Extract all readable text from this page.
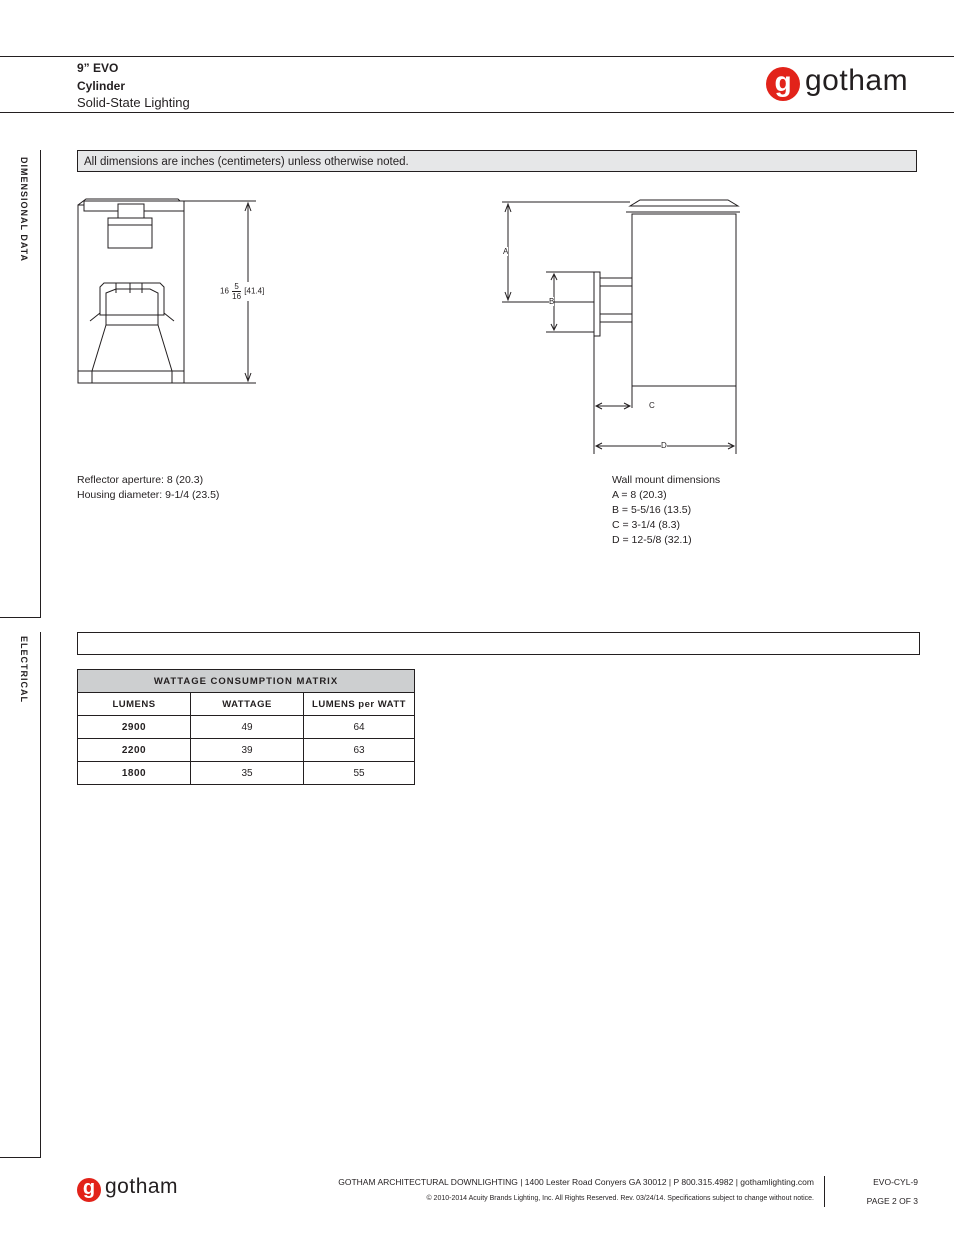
9” EVO
Cylinder
Solid-State Lighting
g gotham
DIMENSIONAL DATA
ELECTRICAL
All dimensions are inches (centimeters) unless otherwise noted.
$16 \frac{5}{16} [41.4]$
A
B
C
D
Reflector aperture: 8 (20.3)
Housing diameter: 9-1/4 (23.5)
Wall mount dimensions
A = 8 (20.3)
B = 5-5/16 (13.5)
C = 3-1/4 (8.3)
D = 12-5/8 (32.1)
WATTAGE CONSUMPTION MATRIX		
LUMENS	WATTAGE	LUMENS per WATT
2900	49	64
2200	39	63
1800	35	55
g gotham	GOTHAM ARCHITECTURAL DOWNLIGHTING | 1400 Lester Road Conyers GA 30012 | P 800.315.4982 | gothamlighting.com
© 2010-2014 Acuity Brands Lighting, Inc. All Rights Reserved. Rev. 03/24/14. Specifications subject to change without notice.
EVO-CYL-9
PAGE 2 OF 3
